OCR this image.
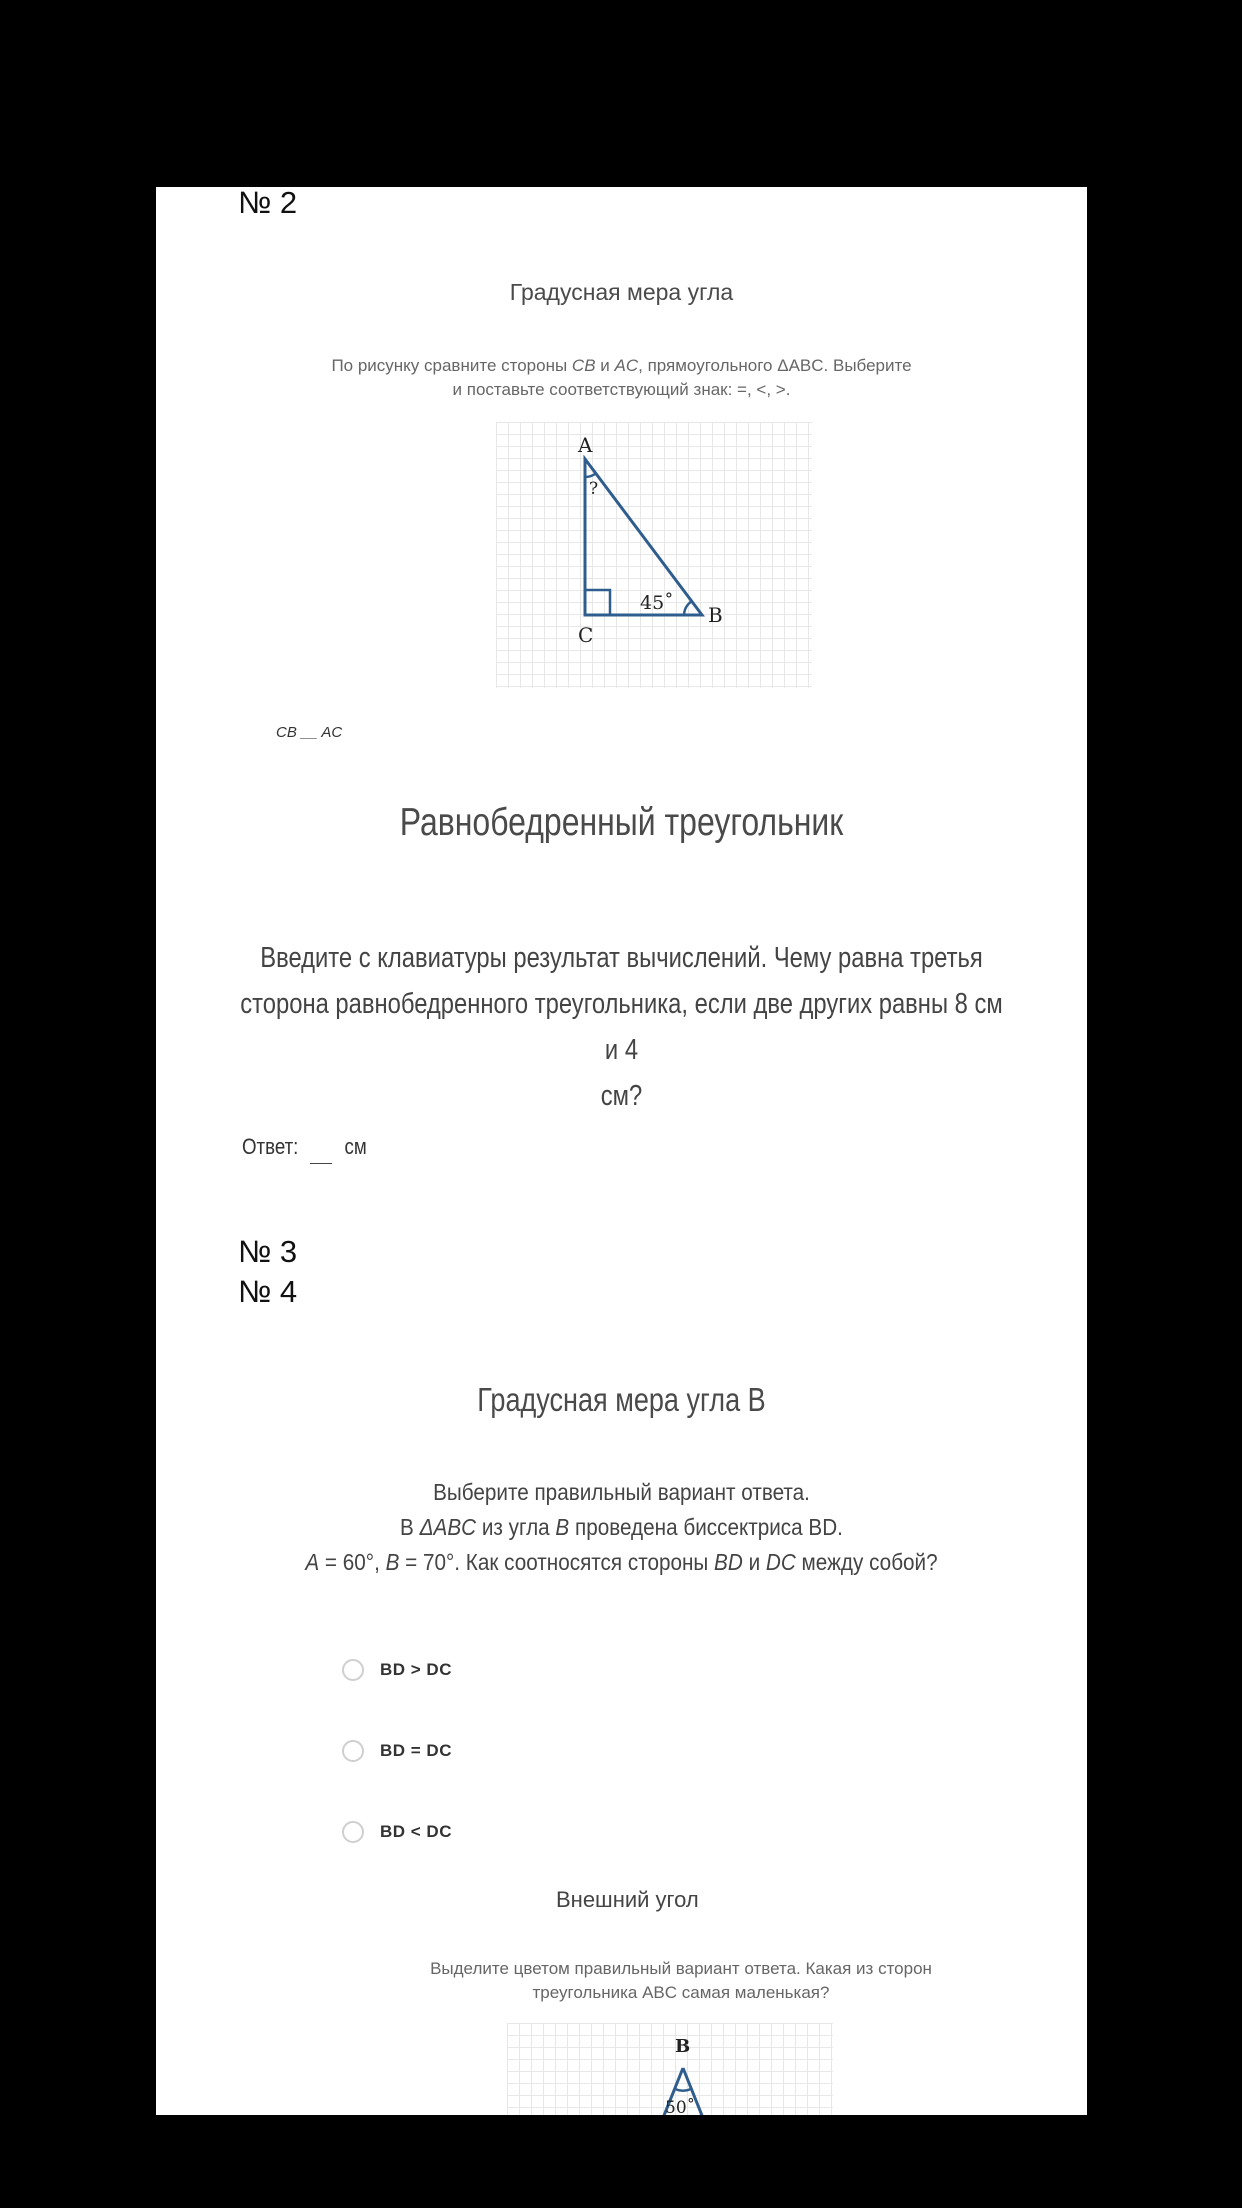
№ 2
Градусная мера угла
По рисунку сравните стороны CB и AC, прямоугольного ΔABC. Выберите
и поставьте соответствующий знак: =, <, >.
A
B
C
45˚
?
CB __ AC
Равнобедренный треугольник
Введите с клавиатуры результат вычислений. Чему равна третья
сторона равнобедренного треугольника, если две других равны 8 см и 4
см?
Ответ: см
№ 3
№ 4
Градусная мера угла B
Выберите правильный вариант ответа.
В ΔABC из угла B проведена биссектриса BD.
A = 60°, B = 70°. Как соотносятся стороны BD и DC между собой?
BD > DC
BD = DC
BD < DC
Внешний угол
Выделите цветом правильный вариант ответа. Какая из сторон
треугольника ABC самая маленькая?
B
50˚
